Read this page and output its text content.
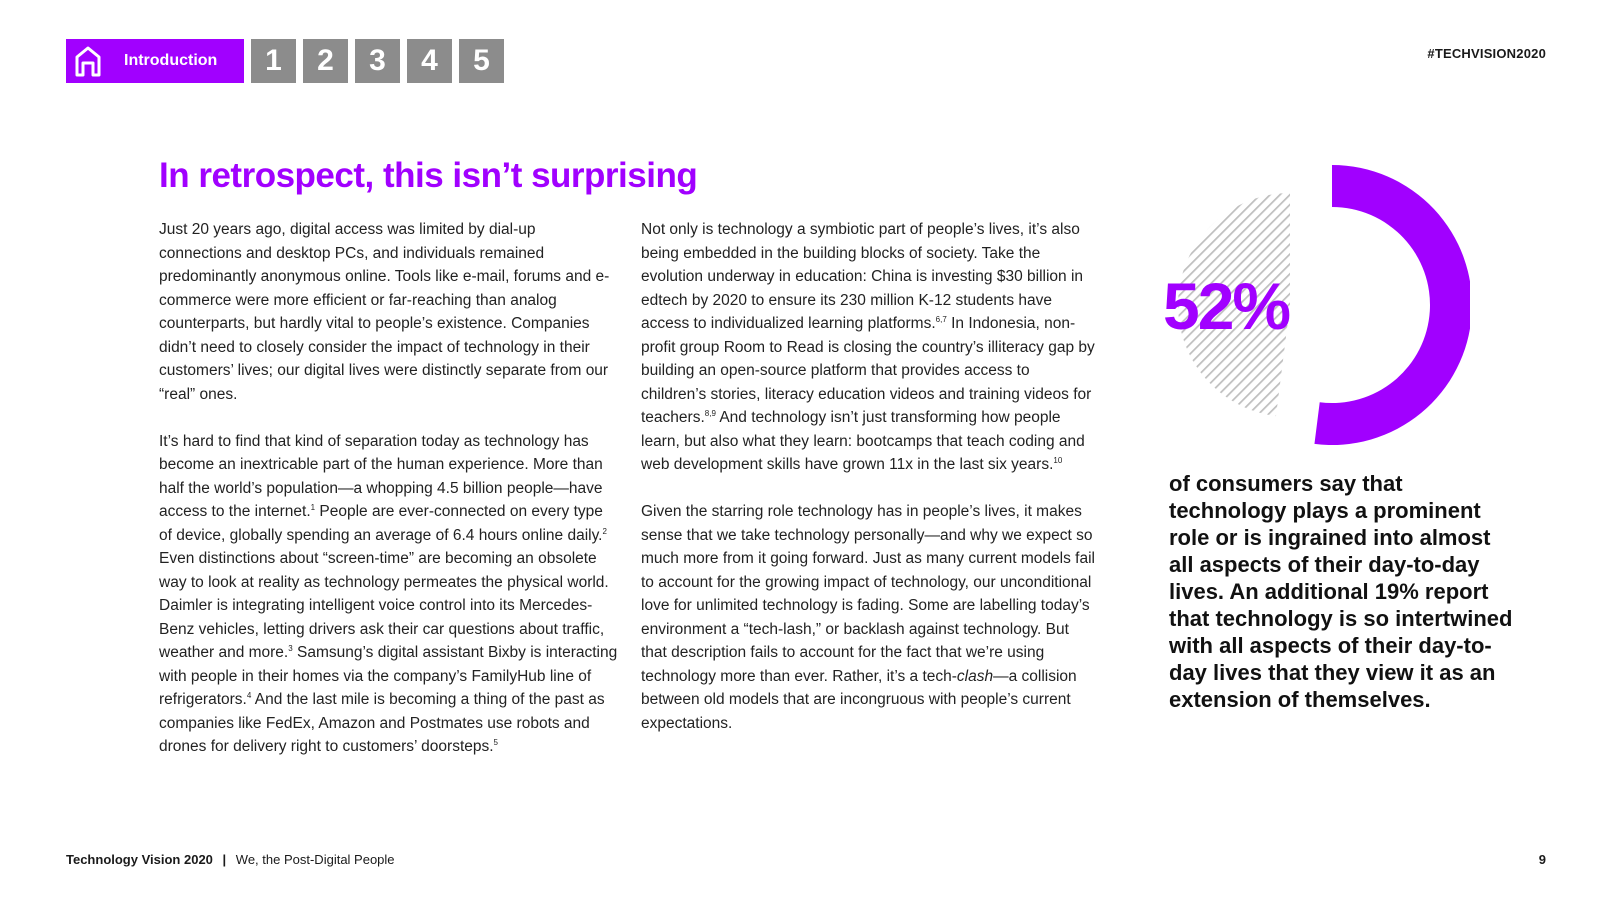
Introduction	1	2	3	4	5	#TECHVISION2020
In retrospect, this isn’t surprising

Just 20 years ago, digital access was limited by dial-up connections and desktop PCs, and individuals remained predominantly anonymous online. Tools like e-mail, forums and e-commerce were more efficient or far-reaching than analog counterparts, but hardly vital to people’s existence. Companies didn’t need to closely consider the impact of technology in their customers’ lives; our digital lives were distinctly separate from our “real” ones.

It’s hard to find that kind of separation today as technology has become an inextricable part of the human experience. More than half the world’s population—a whopping 4.5 billion people—have access to the internet.$^1$ People are ever-connected on every type of device, globally spending an average of 6.4 hours online daily.$^2$ Even distinctions about “screen-time” are becoming an obsolete way to look at reality as technology permeates the physical world. Daimler is integrating intelligent voice control into its Mercedes-Benz vehicles, letting drivers ask their car questions about traffic, weather and more.$^3$ Samsung’s digital assistant Bixby is interacting with people in their homes via the company’s FamilyHub line of refrigerators.$^4$ And the last mile is becoming a thing of the past as companies like FedEx, Amazon and Postmates use robots and drones for delivery right to customers’ doorsteps.$^5$

Not only is technology a symbiotic part of people’s lives, it’s also being embedded in the building blocks of society. Take the evolution underway in education: China is investing $30 billion in edtech by 2020 to ensure its 230 million K-12 students have access to individualized learning platforms.$^{6,7}$ In Indonesia, non-profit group Room to Read is closing the country’s illiteracy gap by building an open-source platform that provides access to children’s stories, literacy education videos and training videos for teachers.$^{8,9}$ And technology isn’t just transforming how people learn, but also what they learn: bootcamps that teach coding and web development skills have grown 11x in the last six years.$^{10}$

Given the starring role technology has in people’s lives, it makes sense that we take technology personally—and why we expect so much more from it going forward. Just as many current models fail to account for the growing impact of technology, our unconditional love for unlimited technology is fading. Some are labelling today’s environment a “tech-lash,” or backlash against technology. But that description fails to account for the fact that we’re using technology more than ever. Rather, it’s a tech-clash—a collision between old models that are incongruous with people’s current expectations.

52%

of consumers say that technology plays a prominent role or is ingrained into almost all aspects of their day-to-day lives. An additional 19% report that technology is so intertwined with all aspects of their day-to-day lives that they view it as an extension of themselves.

Technology Vision 2020 | We, the Post-Digital People	9
